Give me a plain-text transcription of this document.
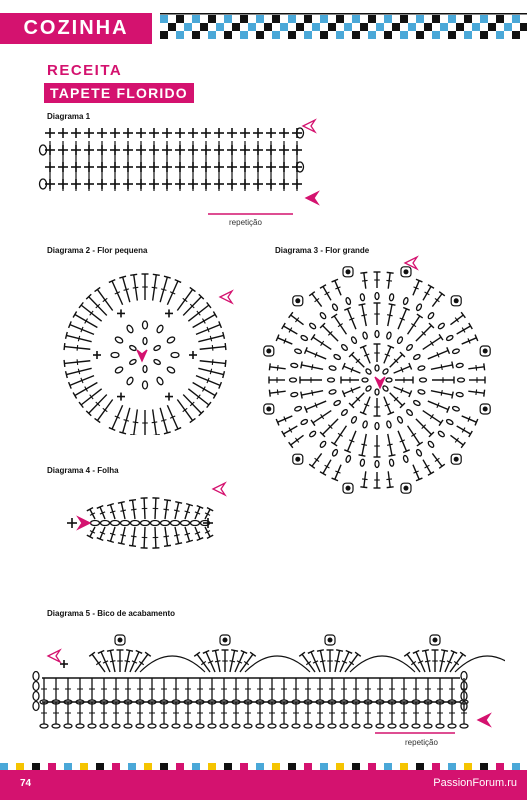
COZINHA
RECEITA
TAPETE FLORIDO
Diagrama 1
Diagrama 2 - Flor pequena	Diagrama 3 - Flor grande
Diagrama 4 - Folha
Diagrama 5 - Bico de acabamento
repetição
repetição
74	PassionForum.ru
